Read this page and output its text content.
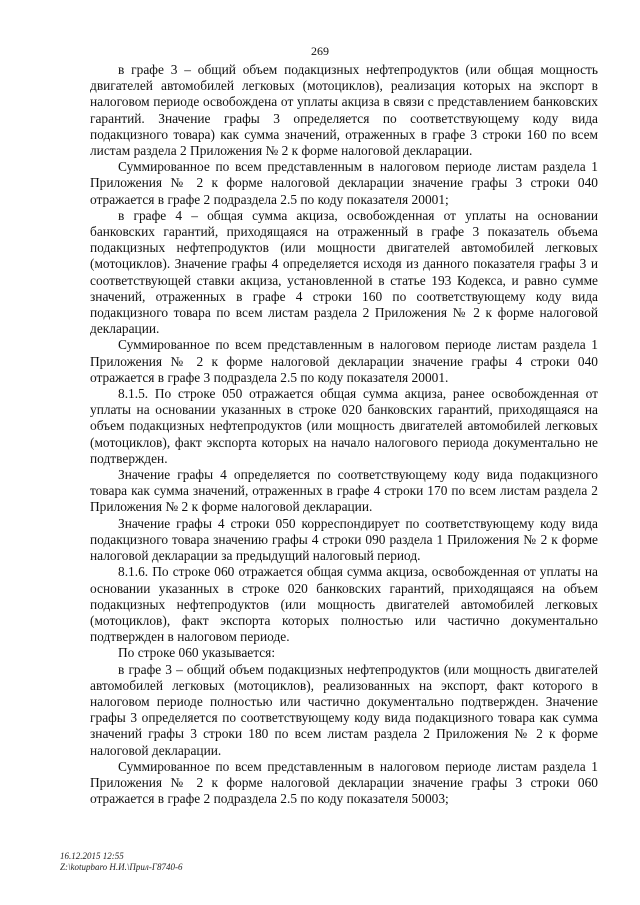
269

в графе 3 – общий объем подакцизных нефтепродуктов (или общая мощность двигателей автомобилей легковых (мотоциклов), реализация которых на экспорт в налоговом периоде освобождена от уплаты акциза в связи с представлением банковских гарантий. Значение графы 3 определяется по соответствующему коду вида подакцизного товара) как сумма значений, отраженных в графе 3 строки 160 по всем листам раздела 2 Приложения № 2 к форме налоговой декларации.

Суммированное по всем представленным в налоговом периоде листам раздела 1 Приложения № 2 к форме налоговой декларации значение графы 3 строки 040 отражается в графе 2 подраздела 2.5 по коду показателя 20001;

в графе 4 – общая сумма акциза, освобожденная от уплаты на основании банковских гарантий, приходящаяся на отраженный в графе 3 показатель объема подакцизных нефтепродуктов (или мощности двигателей автомобилей легковых (мотоциклов). Значение графы 4 определяется исходя из данного показателя графы 3 и соответствующей ставки акциза, установленной в статье 193 Кодекса, и равно сумме значений, отраженных в графе 4 строки 160 по соответствующему коду вида подакцизного товара по всем листам раздела 2 Приложения № 2 к форме налоговой декларации.

Суммированное по всем представленным в налоговом периоде листам раздела 1 Приложения № 2 к форме налоговой декларации значение графы 4 строки 040 отражается в графе 3 подраздела 2.5 по коду показателя 20001.

8.1.5. По строке 050 отражается общая сумма акциза, ранее освобожденная от уплаты на основании указанных в строке 020 банковских гарантий, приходящаяся на объем подакцизных нефтепродуктов (или мощность двигателей автомобилей легковых (мотоциклов), факт экспорта которых на начало налогового периода документально не подтвержден.

Значение графы 4 определяется по соответствующему коду вида подакцизного товара как сумма значений, отраженных в графе 4 строки 170 по всем листам раздела 2 Приложения № 2 к форме налоговой декларации.

Значение графы 4 строки 050 корреспондирует по соответствующему коду вида подакцизного товара значению графы 4 строки 090 раздела 1 Приложения № 2 к форме налоговой декларации за предыдущий налоговый период.

8.1.6. По строке 060 отражается общая сумма акциза, освобожденная от уплаты на основании указанных в строке 020 банковских гарантий, приходящаяся на объем подакцизных нефтепродуктов (или мощность двигателей автомобилей легковых (мотоциклов), факт экспорта которых полностью или частично документально подтвержден в налоговом периоде.

По строке 060 указывается:

в графе 3 – общий объем подакцизных нефтепродуктов (или мощность двигателей автомобилей легковых (мотоциклов), реализованных на экспорт, факт которого в налоговом периоде полностью или частично документально подтвержден. Значение графы 3 определяется по соответствующему коду вида подакцизного товара как сумма значений графы 3 строки 180 по всем листам раздела 2 Приложения № 2 к форме налоговой декларации.

Суммированное по всем представленным в налоговом периоде листам раздела 1 Приложения № 2 к форме налоговой декларации значение графы 3 строки 060 отражается в графе 2 подраздела 2.5 по коду показателя 50003;

16.12.2015 12:55
Z:\kotupbaro Н.И.\Прил-Г8740-6
